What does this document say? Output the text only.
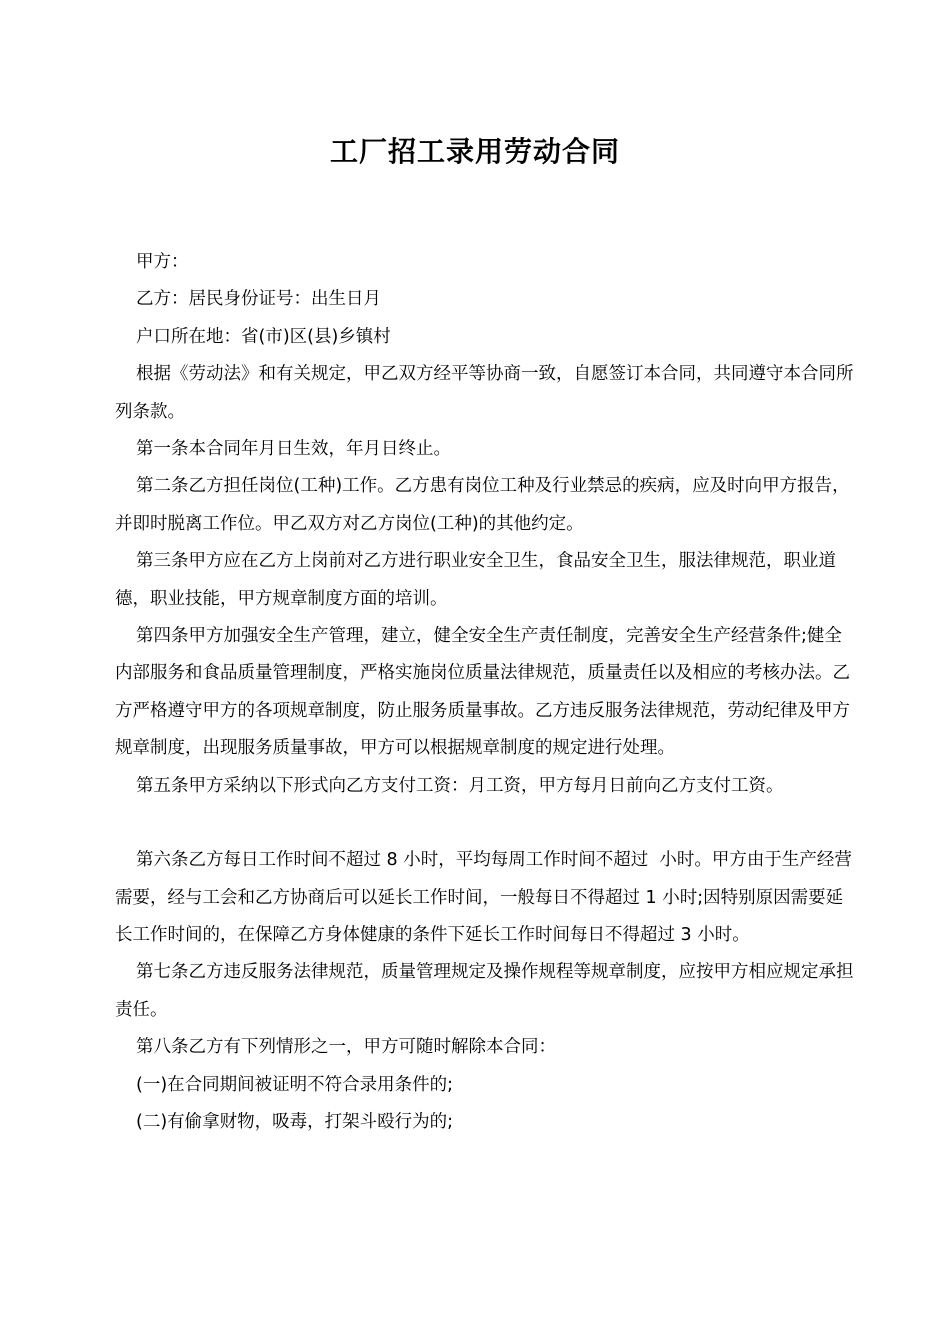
工厂招工录用劳动合同

甲方：

乙方：居民身份证号：出生日月

户口所在地：省(市)区(县)乡镇村

根据《劳动法》和有关规定，甲乙双方经平等协商一致，自愿签订本合同，共同遵守本合同所列条款。

第一条本合同年月日生效，年月日终止。

第二条乙方担任岗位(工种)工作。乙方患有岗位工种及行业禁忌的疾病，应及时向甲方报告，并即时脱离工作位。甲乙双方对乙方岗位(工种)的其他约定。

第三条甲方应在乙方上岗前对乙方进行职业安全卫生，食品安全卫生，服法律规范，职业道德，职业技能，甲方规章制度方面的培训。

第四条甲方加强安全生产管理，建立，健全安全生产责任制度，完善安全生产经营条件;健全内部服务和食品质量管理制度，严格实施岗位质量法律规范，质量责任以及相应的考核办法。乙方严格遵守甲方的各项规章制度，防止服务质量事故。乙方违反服务法律规范，劳动纪律及甲方规章制度，出现服务质量事故，甲方可以根据规章制度的规定进行处理。

第五条甲方采纳以下形式向乙方支付工资：月工资，甲方每月日前向乙方支付工资。

第六条乙方每日工作时间不超过 8 小时，平均每周工作时间不超过  小时。甲方由于生产经营需要，经与工会和乙方协商后可以延长工作时间，一般每日不得超过 1 小时;因特别原因需要延长工作时间的，在保障乙方身体健康的条件下延长工作时间每日不得超过 3 小时。

第七条乙方违反服务法律规范，质量管理规定及操作规程等规章制度，应按甲方相应规定承担责任。

第八条乙方有下列情形之一，甲方可随时解除本合同：

(一)在合同期间被证明不符合录用条件的;

(二)有偷拿财物，吸毒，打架斗殴行为的;
